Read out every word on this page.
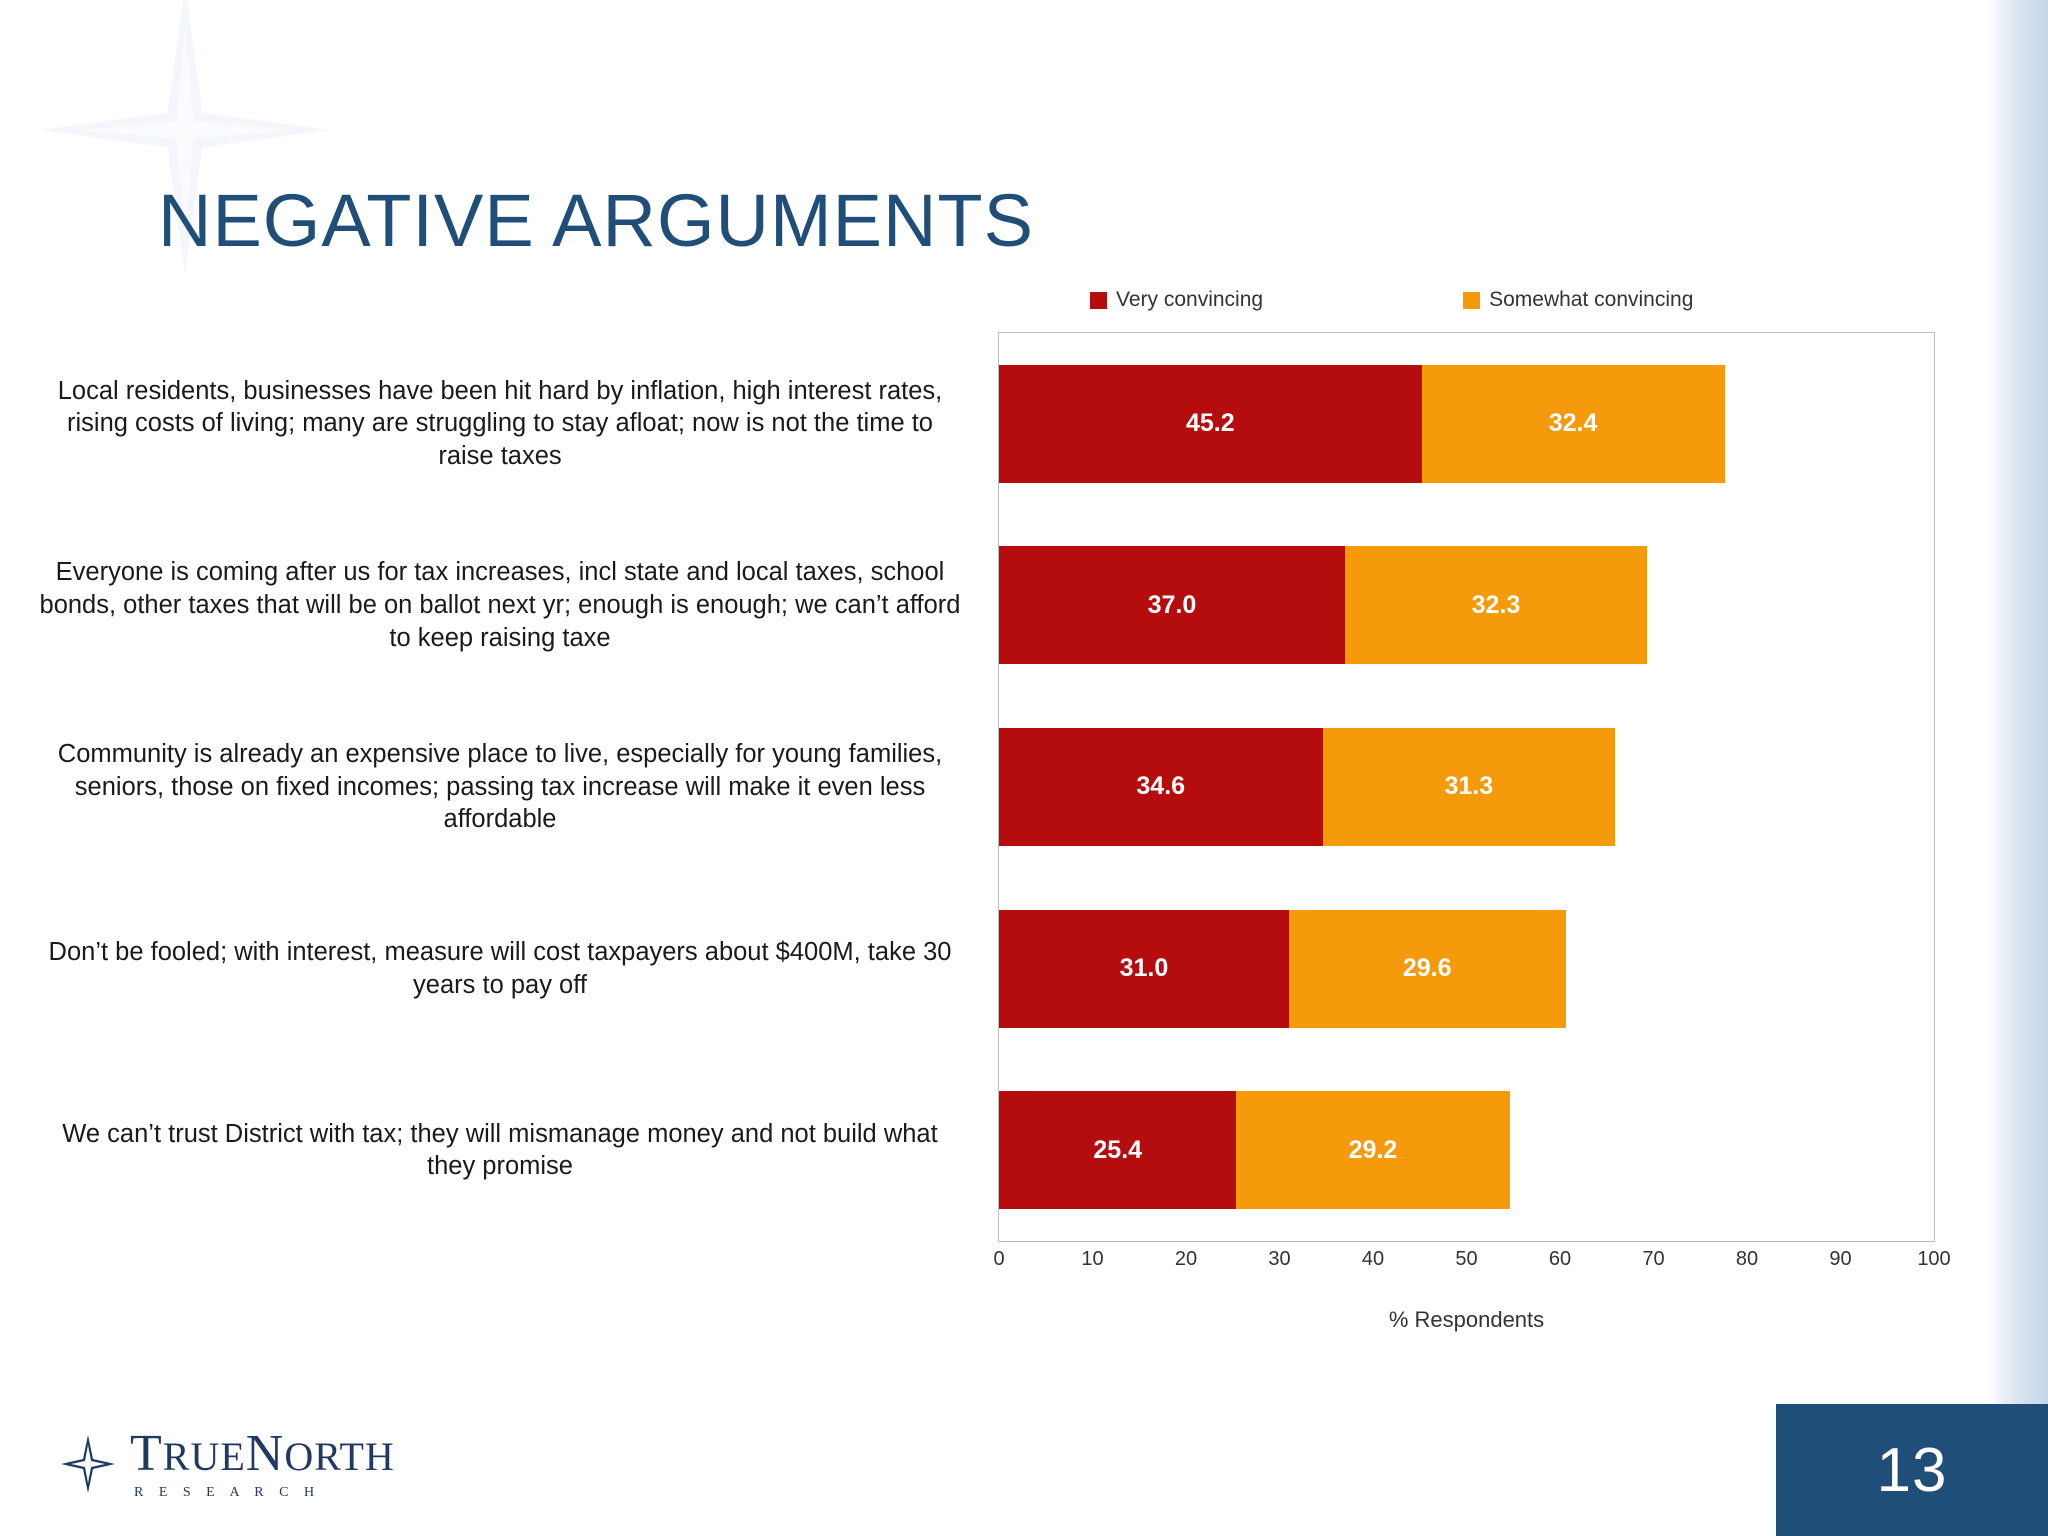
NEGATIVE ARGUMENTS
Very convincing	Somewhat convincing
Local residents, businesses have been hit hard by inflation, high interest rates, rising costs of living; many are struggling to stay afloat; now is not the time to raise taxes
Everyone is coming after us for tax increases, incl state and local taxes, school bonds, other taxes that will be on ballot next yr; enough is enough; we can’t afford to keep raising taxe
Community is already an expensive place to live, especially for young families, seniors, those on fixed incomes; passing tax increase will make it even less affordable
Don’t be fooled; with interest, measure will cost taxpayers about $400M, take 30 years to pay off
We can’t trust District with tax; they will mismanage money and not build what they promise
45.2	32.4
37.0	32.3
34.6	31.3
31.0	29.6
25.4	29.2
0	10	20	30	40	50	60	70	80	90	100
% Respondents
TRUENORTH
R E S E A R C H	13
